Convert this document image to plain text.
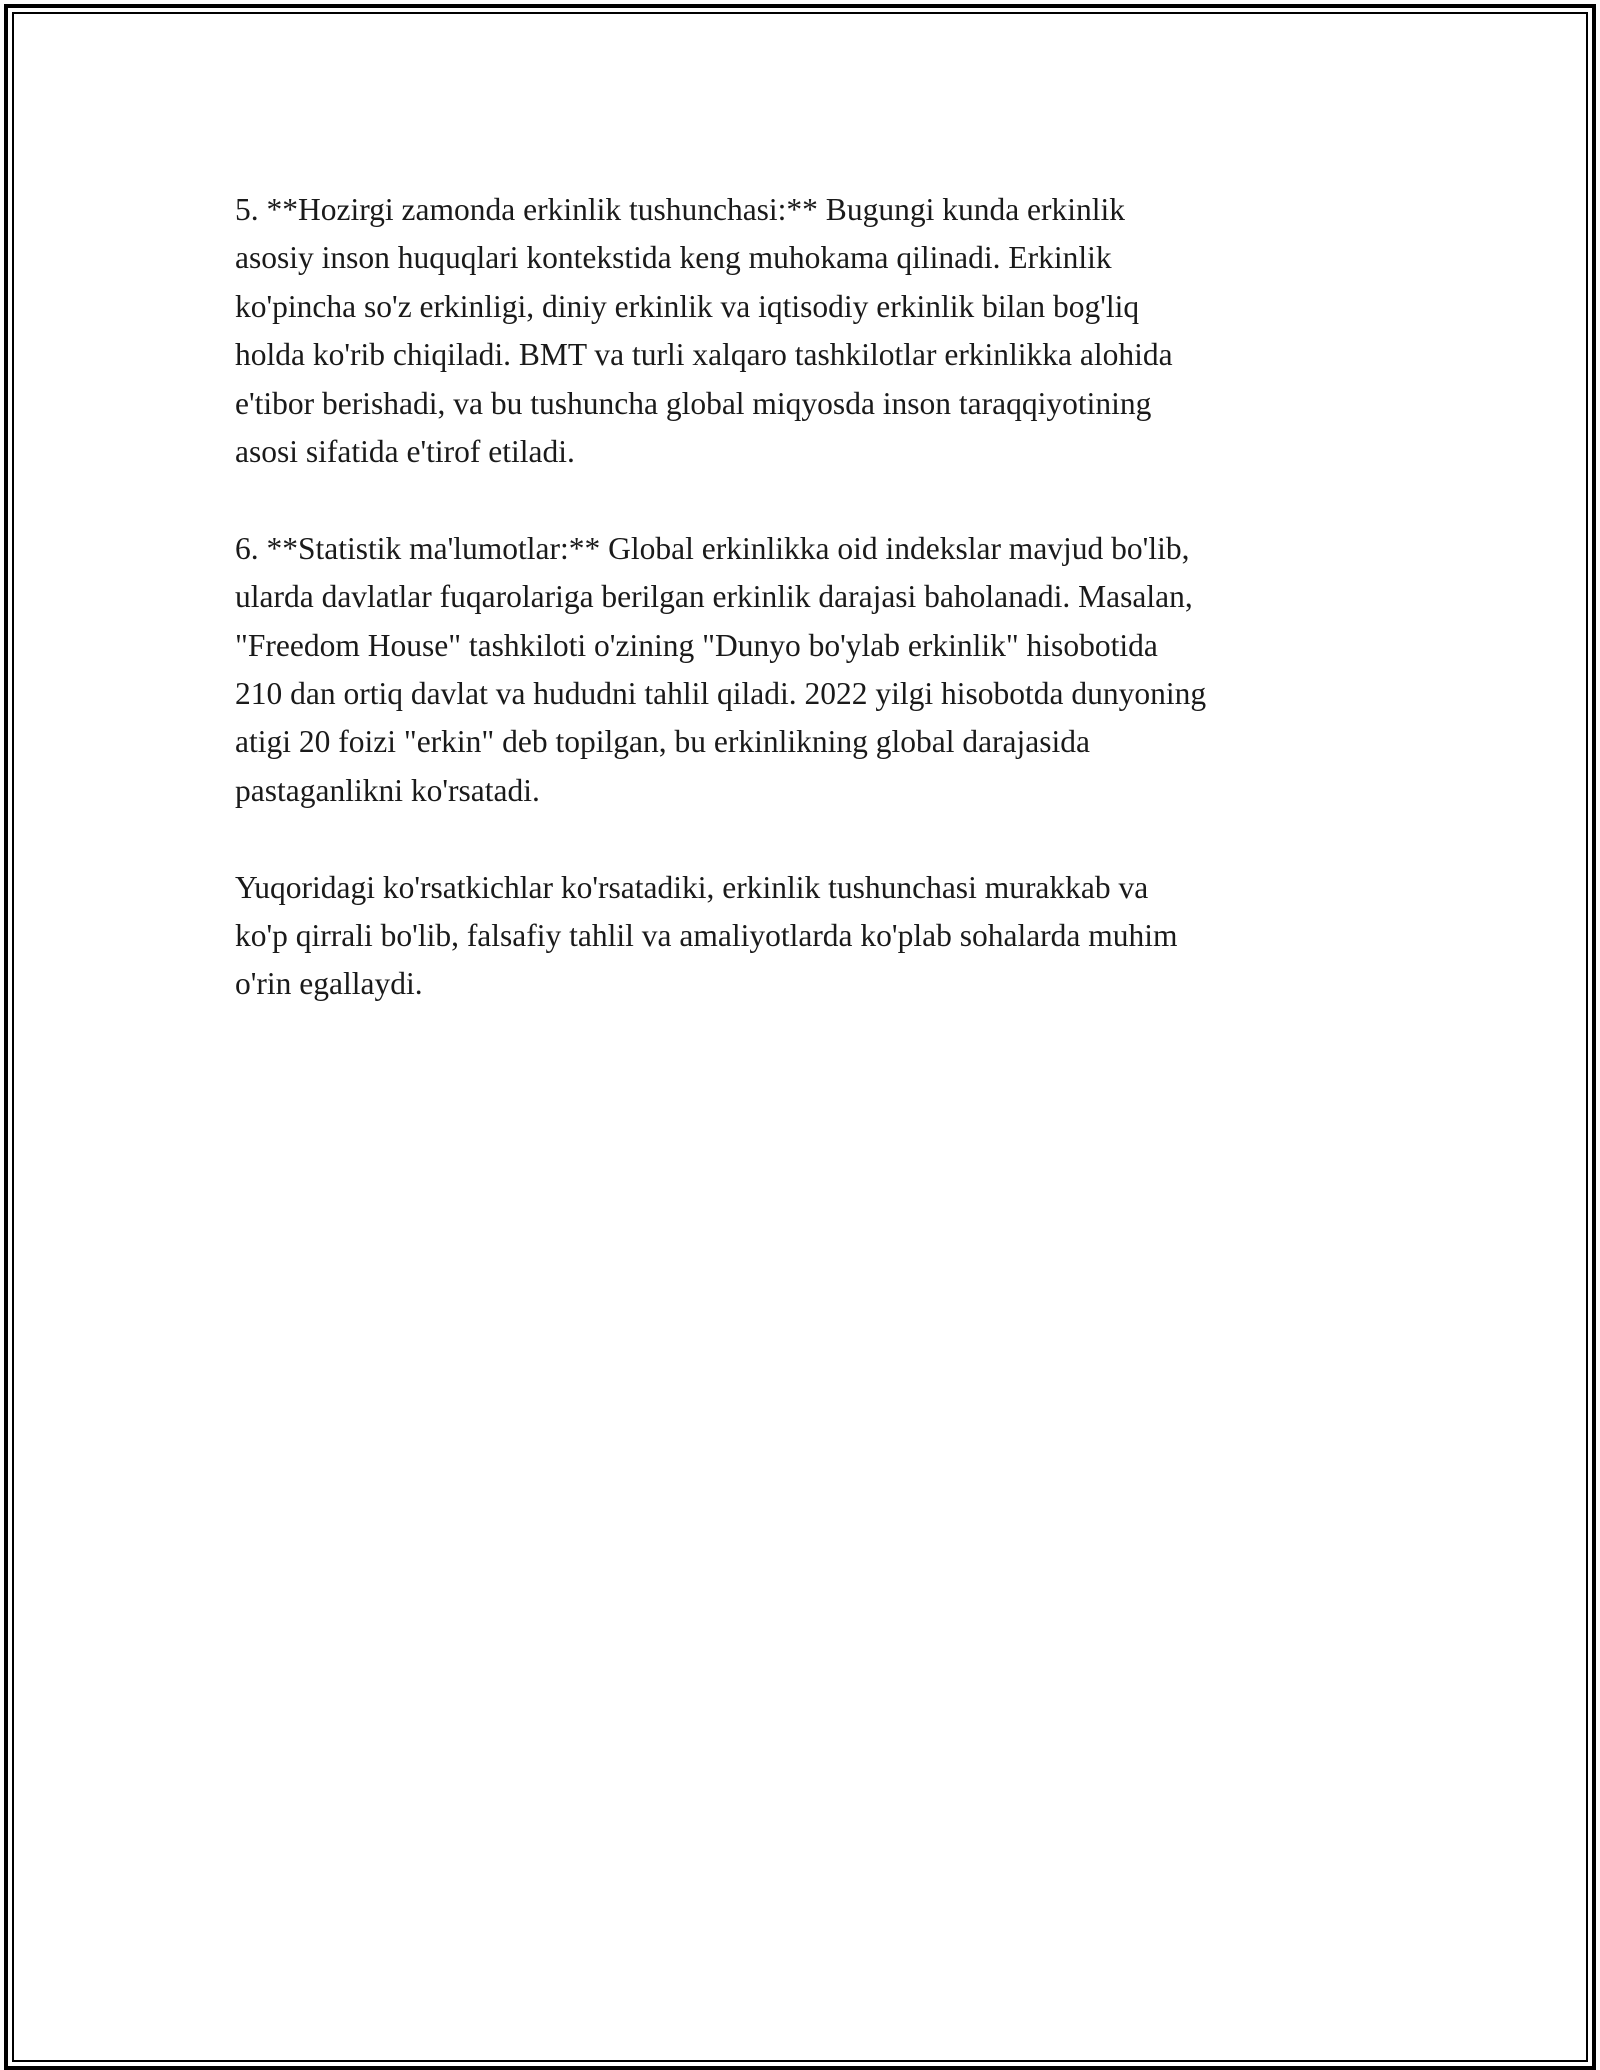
5. **Hozirgi zamonda erkinlik tushunchasi:** Bugungi kunda erkinlik
asosiy inson huquqlari kontekstida keng muhokama qilinadi. Erkinlik
ko'pincha so'z erkinligi, diniy erkinlik va iqtisodiy erkinlik bilan bog'liq
holda ko'rib chiqiladi. BMT va turli xalqaro tashkilotlar erkinlikka alohida
e'tibor berishadi, va bu tushuncha global miqyosda inson taraqqiyotining
asosi sifatida e'tirof etiladi.

6. **Statistik ma'lumotlar:** Global erkinlikka oid indekslar mavjud bo'lib,
ularda davlatlar fuqarolariga berilgan erkinlik darajasi baholanadi. Masalan,
"Freedom House" tashkiloti o'zining "Dunyo bo'ylab erkinlik" hisobotida
210 dan ortiq davlat va hududni tahlil qiladi. 2022 yilgi hisobotda dunyoning
atigi 20 foizi "erkin" deb topilgan, bu erkinlikning global darajasida
pastaganlikni ko'rsatadi.

Yuqoridagi ko'rsatkichlar ko'rsatadiki, erkinlik tushunchasi murakkab va
ko'p qirrali bo'lib, falsafiy tahlil va amaliyotlarda ko'plab sohalarda muhim
o'rin egallaydi.
